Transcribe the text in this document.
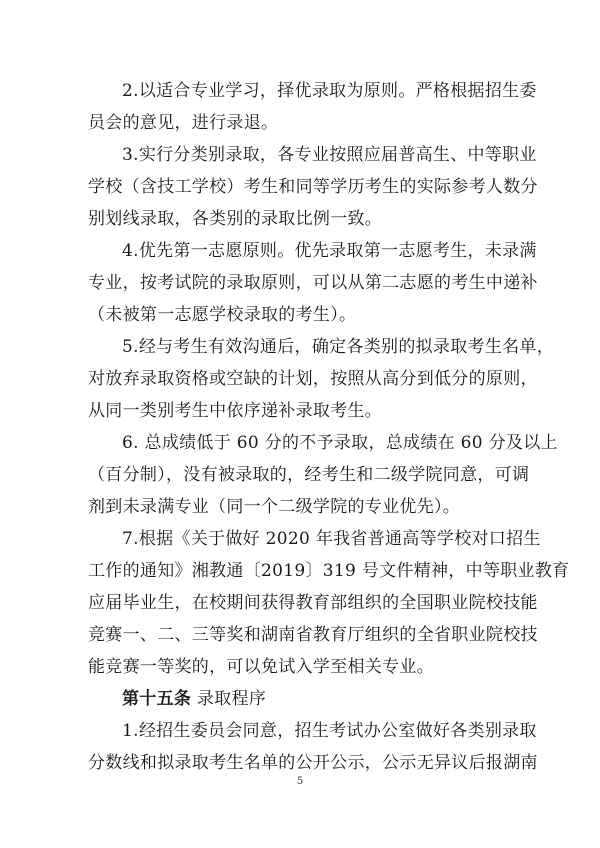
2.以适合专业学习，择优录取为原则。严格根据招生委
员会的意见，进行录退。
3.实行分类别录取，各专业按照应届普高生、中等职业
学校（含技工学校）考生和同等学历考生的实际参考人数分
别划线录取，各类别的录取比例一致。
4.优先第一志愿原则。优先录取第一志愿考生，未录满
专业，按考试院的录取原则，可以从第二志愿的考生中递补
（未被第一志愿学校录取的考生）。
5.经与考生有效沟通后，确定各类别的拟录取考生名单，
对放弃录取资格或空缺的计划，按照从高分到低分的原则，
从同一类别考生中依序递补录取考生。
6. 总成绩低于 60 分的不予录取，总成绩在 60 分及以上
（百分制），没有被录取的，经考生和二级学院同意，可调
剂到未录满专业（同一个二级学院的专业优先）。
7.根据《关于做好 2020 年我省普通高等学校对口招生
工作的通知》湘教通〔2019〕319 号文件精神，中等职业教育
应届毕业生，在校期间获得教育部组织的全国职业院校技能
竞赛一、二、三等奖和湖南省教育厅组织的全省职业院校技
能竞赛一等奖的，可以免试入学至相关专业。
第十五条 录取程序
1.经招生委员会同意，招生考试办公室做好各类别录取
分数线和拟录取考生名单的公开公示，公示无异议后报湖南
5
